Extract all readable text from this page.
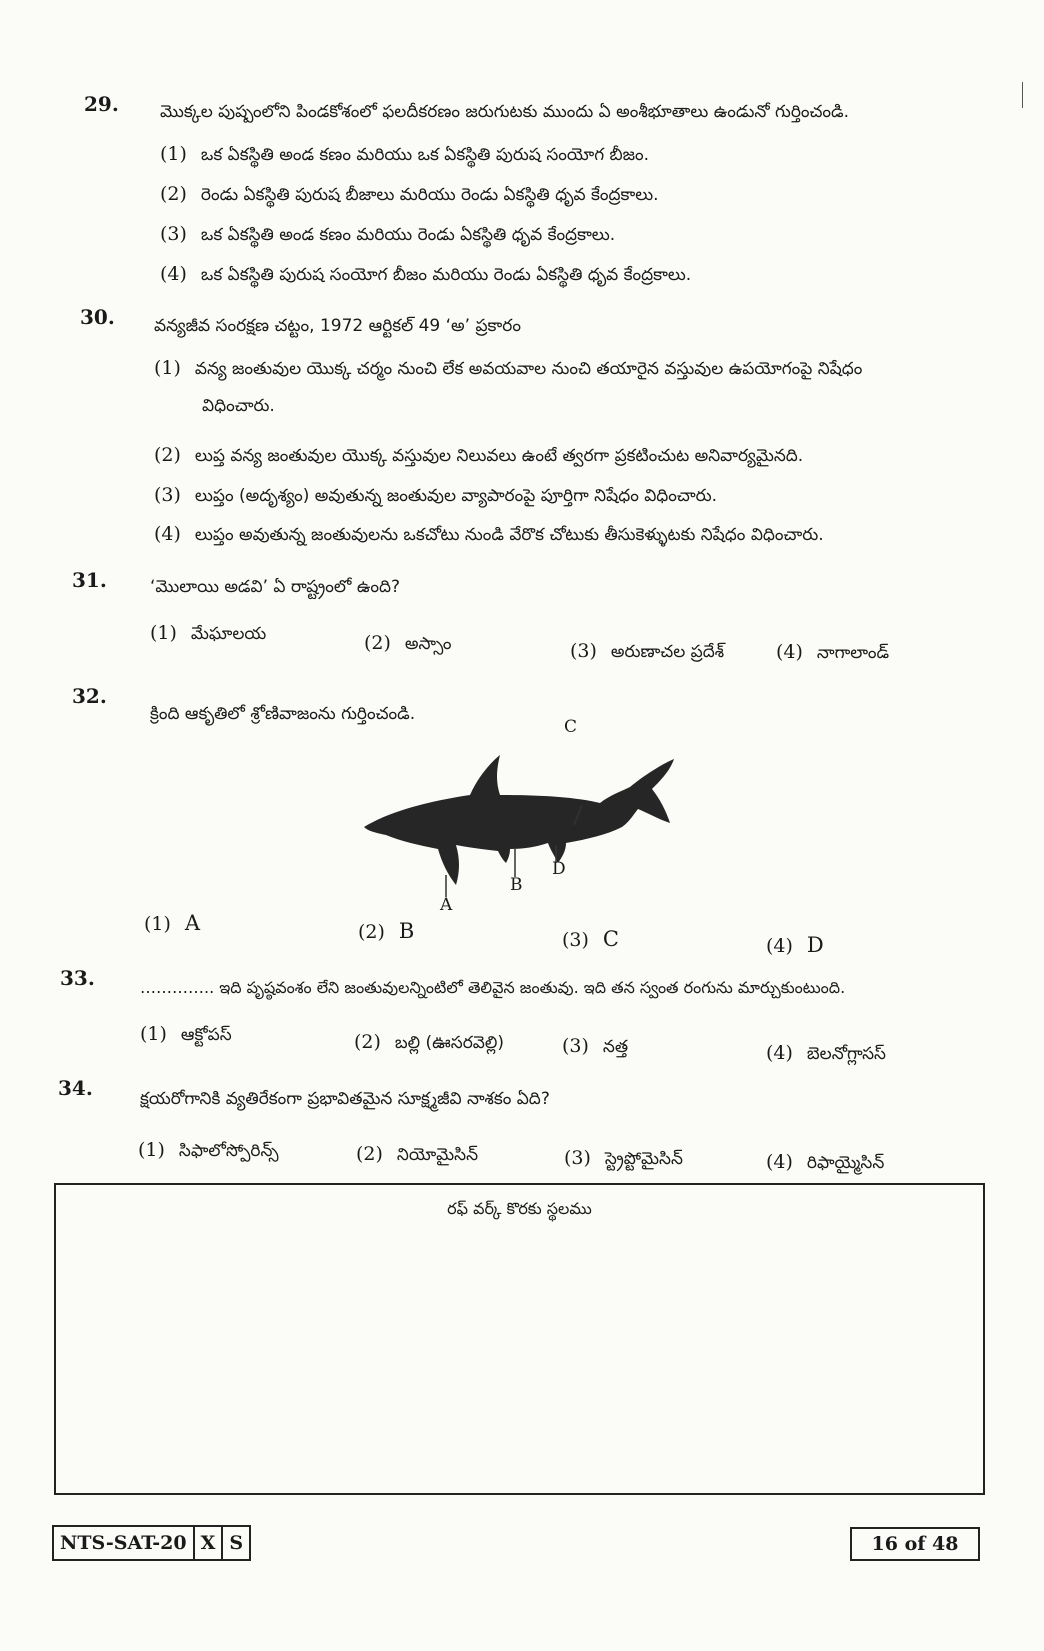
29. మొక్కల పుష్పంలోని పిండకోశంలో ఫలదీకరణం జరుగుటకు ముందు ఏ అంశీభూతాలు ఉండునో గుర్తించండి.
(1) ఒక ఏకస్థితి అండ కణం మరియు ఒక ఏకస్థితి పురుష సంయోగ బీజం.
(2) రెండు ఏకస్థితి పురుష బీజాలు మరియు రెండు ఏకస్థితి ధృవ కేంద్రకాలు.
(3) ఒక ఏకస్థితి అండ కణం మరియు రెండు ఏకస్థితి ధృవ కేంద్రకాలు.
(4) ఒక ఏకస్థితి పురుష సంయోగ బీజం మరియు రెండు ఏకస్థితి ధృవ కేంద్రకాలు.
30. వన్యజీవ సంరక్షణ చట్టం, 1972 ఆర్టికల్ 49 ‘అ’ ప్రకారం
(1) వన్య జంతువుల యొక్క చర్మం నుంచి లేక అవయవాల నుంచి తయారైన వస్తువుల ఉపయోగంపై నిషేధం
విధించారు.
(2) లుప్త వన్య జంతువుల యొక్క వస్తువుల నిలువలు ఉంటే త్వరగా ప్రకటించుట అనివార్యమైనది.
(3) లుప్తం (అదృశ్యం) అవుతున్న జంతువుల వ్యాపారంపై పూర్తిగా నిషేధం విధించారు.
(4) లుప్తం అవుతున్న జంతువులను ఒకచోటు నుండి వేరొక చోటుకు తీసుకెళ్ళుటకు నిషేధం విధించారు.
31.	‘మొలాయి అడవి’ ఏ రాష్ట్రంలో ఉంది?
(1) మేఘాలయ	(2) అస్సాం	(3) అరుణాచల ప్రదేశ్	(4) నాగాలాండ్
32.
క్రింది ఆకృతిలో శ్రోణివాజంను గుర్తించండి.
A
B
C
D
(1) A	(2) B	(3) C	(4) D
33.	………….. ఇది పృష్ఠవంశం లేని జంతువులన్నింటిలో తెలివైన జంతువు. ఇది తన స్వంత రంగును మార్చుకుంటుంది.
(1) ఆక్టోపస్	(2) బల్లి (ఊసరవెల్లి)	(3) నత్త	(4) బెలనోగ్లాసస్
34.	క్షయరోగానికి వ్యతిరేకంగా ప్రభావితమైన సూక్ష్మజీవి నాశకం ఏది?
(1) సిఫాలోస్పోరిన్స్	(2) నియోమైసిన్	(3) స్ట్రెప్టోమైసిన్	(4) రిఫాయ్మైసిన్
రఫ్ వర్క్ కొరకు స్థలము
NTS-SAT-20 X S	16 of 48
